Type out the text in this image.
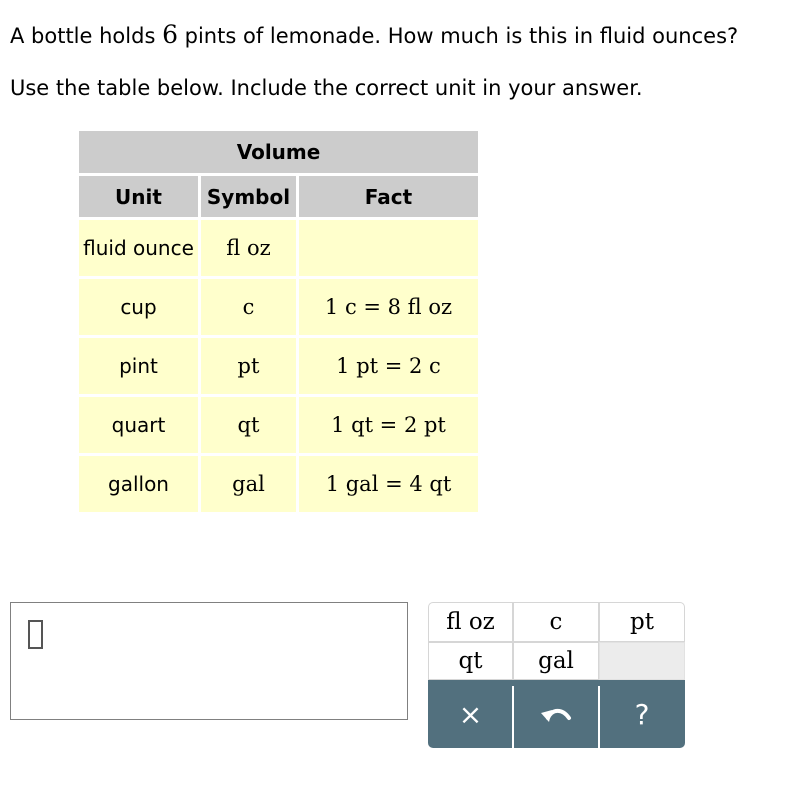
A bottle holds 6 pints of lemonade. How much is this in fluid ounces?
Use the table below. Include the correct unit in your answer.
Volume		
Unit	Symbol	Fact
fluid ounce	fl oz	
cup	c	1 c = 8 fl oz
pint	pt	1 pt = 2 c
quart	qt	1 qt = 2 pt
gallon	gal	1 gal = 4 qt
fl oz	c	pt
qt	gal
×	?
